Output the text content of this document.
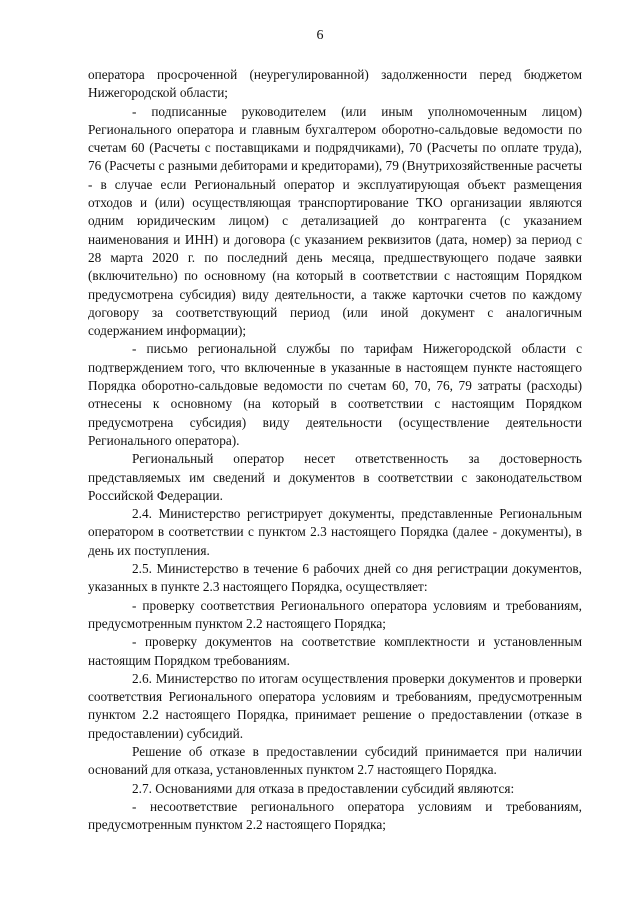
6

оператора просроченной (неурегулированной) задолженности перед бюджетом Нижегородской области;

- подписанные руководителем (или иным уполномоченным лицом) Регионального оператора и главным бухгалтером оборотно-сальдовые ведомости по счетам 60 (Расчеты с поставщиками и подрядчиками), 70 (Расчеты по оплате труда), 76 (Расчеты с разными дебиторами и кредиторами), 79 (Внутрихозяйственные расчеты - в случае если Региональный оператор и эксплуатирующая объект размещения отходов и (или) осуществляющая транспортирование ТКО организации являются одним юридическим лицом) с детализацией до контрагента (с указанием наименования и ИНН) и договора (с указанием реквизитов (дата, номер) за период с 28 марта 2020 г. по последний день месяца, предшествующего подаче заявки (включительно) по основному (на который в соответствии с настоящим Порядком предусмотрена субсидия) виду деятельности, а также карточки счетов по каждому договору за соответствующий период (или иной документ с аналогичным содержанием информации);

- письмо региональной службы по тарифам Нижегородской области с подтверждением того, что включенные в указанные в настоящем пункте настоящего Порядка оборотно-сальдовые ведомости по счетам 60, 70, 76, 79 затраты (расходы) отнесены к основному (на который в соответствии с настоящим Порядком предусмотрена субсидия) виду деятельности (осуществление деятельности Регионального оператора).

Региональный оператор несет ответственность за достоверность представляемых им сведений и документов в соответствии с законодательством Российской Федерации.

2.4. Министерство регистрирует документы, представленные Региональным оператором в соответствии с пунктом 2.3 настоящего Порядка (далее - документы), в день их поступления.

2.5. Министерство в течение 6 рабочих дней со дня регистрации документов, указанных в пункте 2.3 настоящего Порядка, осуществляет:

- проверку соответствия Регионального оператора условиям и требованиям, предусмотренным пунктом 2.2 настоящего Порядка;

- проверку документов на соответствие комплектности и установленным настоящим Порядком требованиям.

2.6. Министерство по итогам осуществления проверки документов и проверки соответствия Регионального оператора условиям и требованиям, предусмотренным пунктом 2.2 настоящего Порядка, принимает решение о предоставлении (отказе в предоставлении) субсидий.

Решение об отказе в предоставлении субсидий принимается при наличии оснований для отказа, установленных пунктом 2.7 настоящего Порядка.

2.7. Основаниями для отказа в предоставлении субсидий являются:

- несоответствие регионального оператора условиям и требованиям, предусмотренным пунктом 2.2 настоящего Порядка;
